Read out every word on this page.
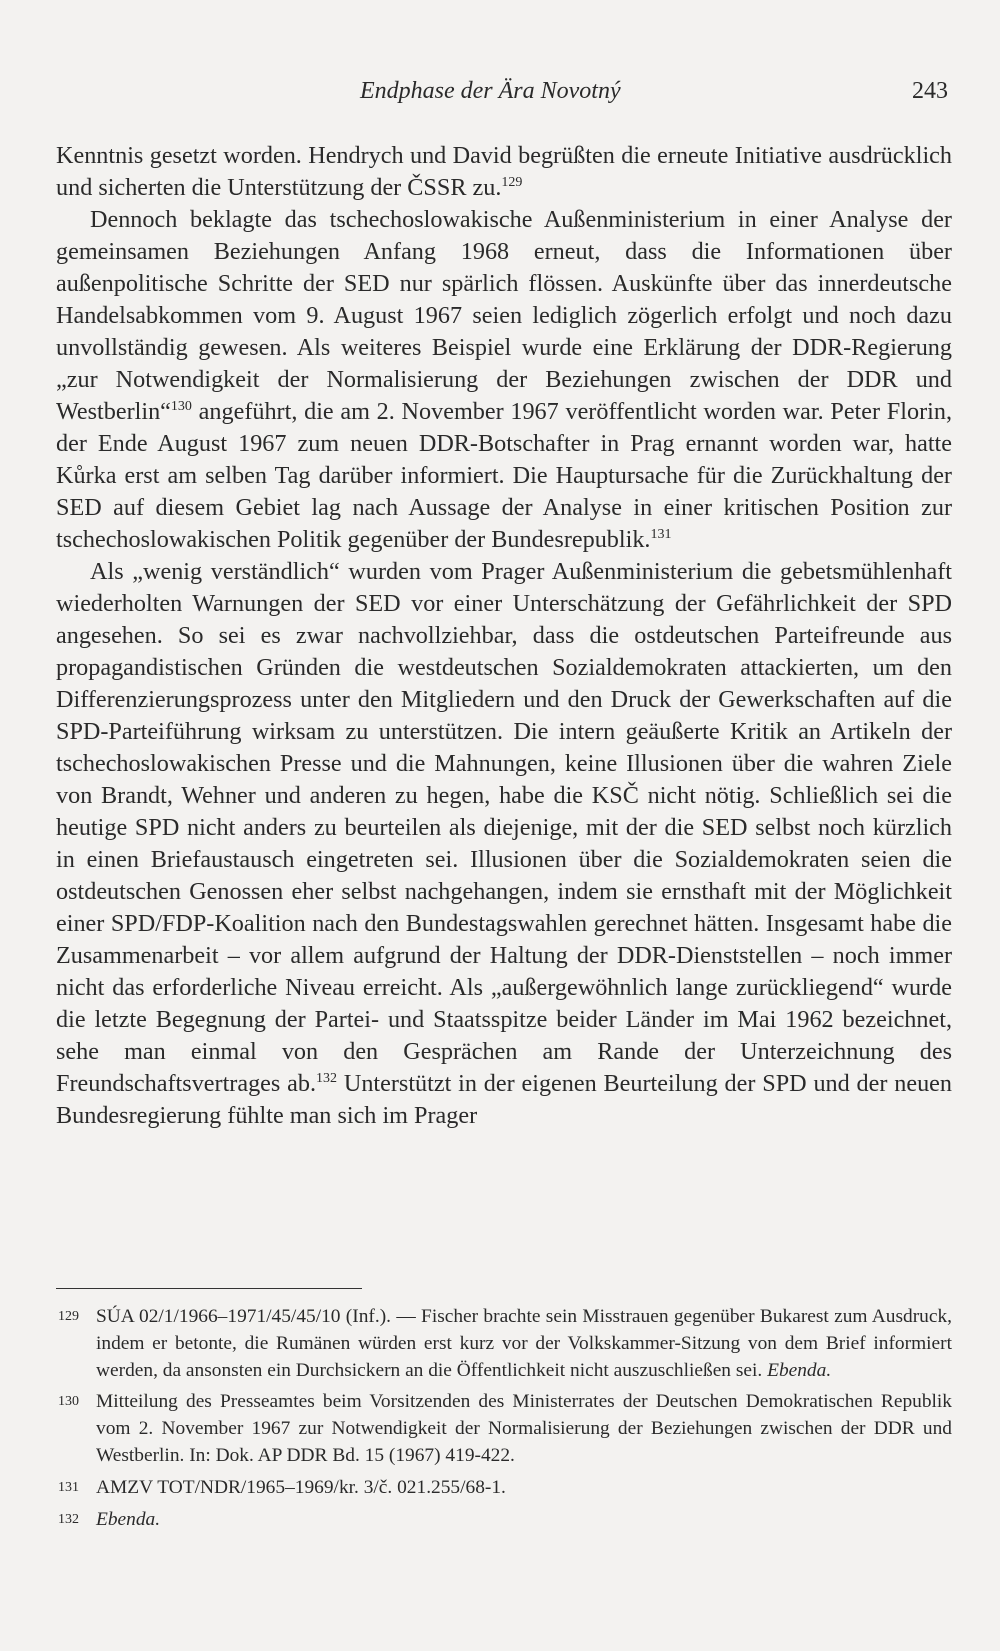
Endphase der Ära Novotný	243

Kenntnis gesetzt worden. Hendrych und David begrüßten die erneute Initiative ausdrücklich und sicherten die Unterstützung der ČSSR zu.$^{129}$

Dennoch beklagte das tschechoslowakische Außenministerium in einer Analyse der gemeinsamen Beziehungen Anfang 1968 erneut, dass die Informationen über außenpolitische Schritte der SED nur spärlich flössen. Auskünfte über das innerdeutsche Handelsabkommen vom 9. August 1967 seien lediglich zögerlich erfolgt und noch dazu unvollständig gewesen. Als weiteres Beispiel wurde eine Erklärung der DDR-Regierung „zur Notwendigkeit der Normalisierung der Beziehungen zwischen der DDR und Westberlin“$^{130}$ angeführt, die am 2. November 1967 veröffentlicht worden war. Peter Florin, der Ende August 1967 zum neuen DDR-Botschafter in Prag ernannt worden war, hatte Kůrka erst am selben Tag darüber informiert. Die Hauptursache für die Zurückhaltung der SED auf diesem Gebiet lag nach Aussage der Analyse in einer kritischen Position zur tschechoslowakischen Politik gegenüber der Bundesrepublik.$^{131}$

Als „wenig verständlich“ wurden vom Prager Außenministerium die gebetsmühlenhaft wiederholten Warnungen der SED vor einer Unterschätzung der Gefährlichkeit der SPD angesehen. So sei es zwar nachvollziehbar, dass die ostdeutschen Parteifreunde aus propagandistischen Gründen die westdeutschen Sozialdemokraten attackierten, um den Differenzierungsprozess unter den Mitgliedern und den Druck der Gewerkschaften auf die SPD-Parteiführung wirksam zu unterstützen. Die intern geäußerte Kritik an Artikeln der tschechoslowakischen Presse und die Mahnungen, keine Illusionen über die wahren Ziele von Brandt, Wehner und anderen zu hegen, habe die KSČ nicht nötig. Schließlich sei die heutige SPD nicht anders zu beurteilen als diejenige, mit der die SED selbst noch kürzlich in einen Briefaustausch eingetreten sei. Illusionen über die Sozialdemokraten seien die ostdeutschen Genossen eher selbst nachgehangen, indem sie ernsthaft mit der Möglichkeit einer SPD/FDP-Koalition nach den Bundestagswahlen gerechnet hätten. Insgesamt habe die Zusammenarbeit – vor allem aufgrund der Haltung der DDR-Dienststellen – noch immer nicht das erforderliche Niveau erreicht. Als „außergewöhnlich lange zurückliegend“ wurde die letzte Begegnung der Partei- und Staatsspitze beider Länder im Mai 1962 bezeichnet, sehe man einmal von den Gesprächen am Rande der Unterzeichnung des Freundschaftsvertrages ab.$^{132}$ Unterstützt in der eigenen Beurteilung der SPD und der neuen Bundesregierung fühlte man sich im Prager

129 SÚA 02/1/1966–1971/45/45/10 (Inf.). — Fischer brachte sein Misstrauen gegenüber Bukarest zum Ausdruck, indem er betonte, die Rumänen würden erst kurz vor der Volkskammer-Sitzung von dem Brief informiert werden, da ansonsten ein Durchsickern an die Öffentlichkeit nicht auszuschließen sei. Ebenda.
130 Mitteilung des Presseamtes beim Vorsitzenden des Ministerrates der Deutschen Demokratischen Republik vom 2. November 1967 zur Notwendigkeit der Normalisierung der Beziehungen zwischen der DDR und Westberlin. In: Dok. AP DDR Bd. 15 (1967) 419-422.
131 AMZV TOT/NDR/1965–1969/kr. 3/č. 021.255/68-1.
132 Ebenda.
